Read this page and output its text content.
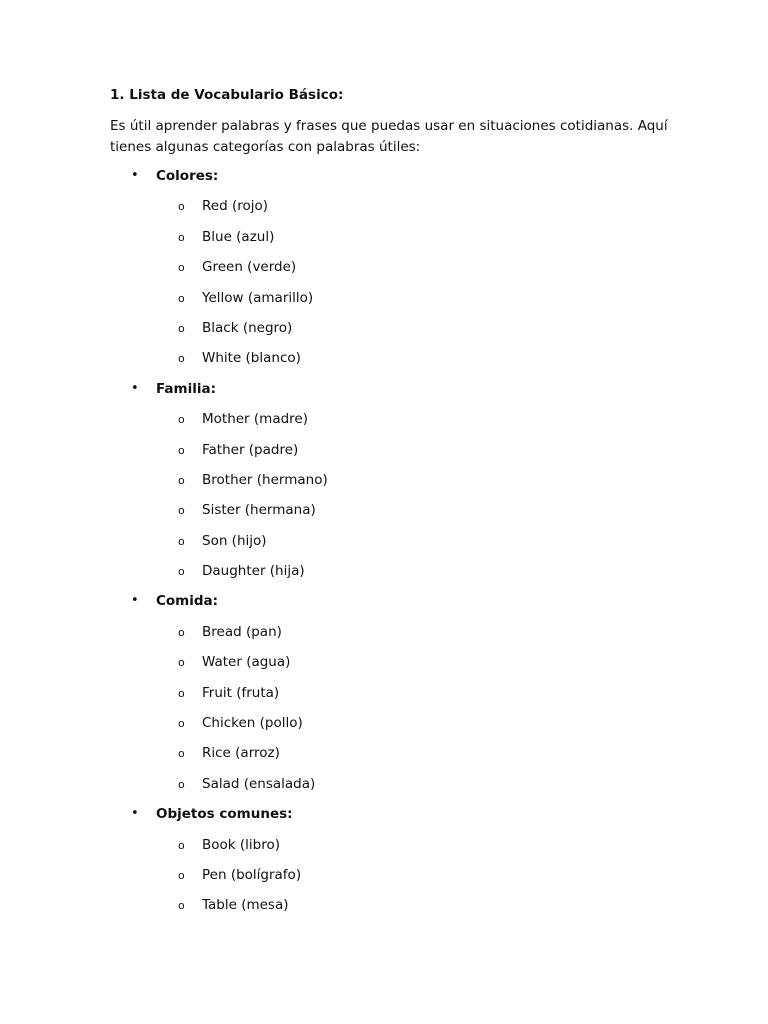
1. Lista de Vocabulario Básico:
Es útil aprender palabras y frases que puedas usar en situaciones cotidianas. Aquí tienes algunas categorías con palabras útiles:
• Colores:
o Red (rojo)
o Blue (azul)
o Green (verde)
o Yellow (amarillo)
o Black (negro)
o White (blanco)
• Familia:
o Mother (madre)
o Father (padre)
o Brother (hermano)
o Sister (hermana)
o Son (hijo)
o Daughter (hija)
• Comida:
o Bread (pan)
o Water (agua)
o Fruit (fruta)
o Chicken (pollo)
o Rice (arroz)
o Salad (ensalada)
• Objetos comunes:
o Book (libro)
o Pen (bolígrafo)
o Table (mesa)
